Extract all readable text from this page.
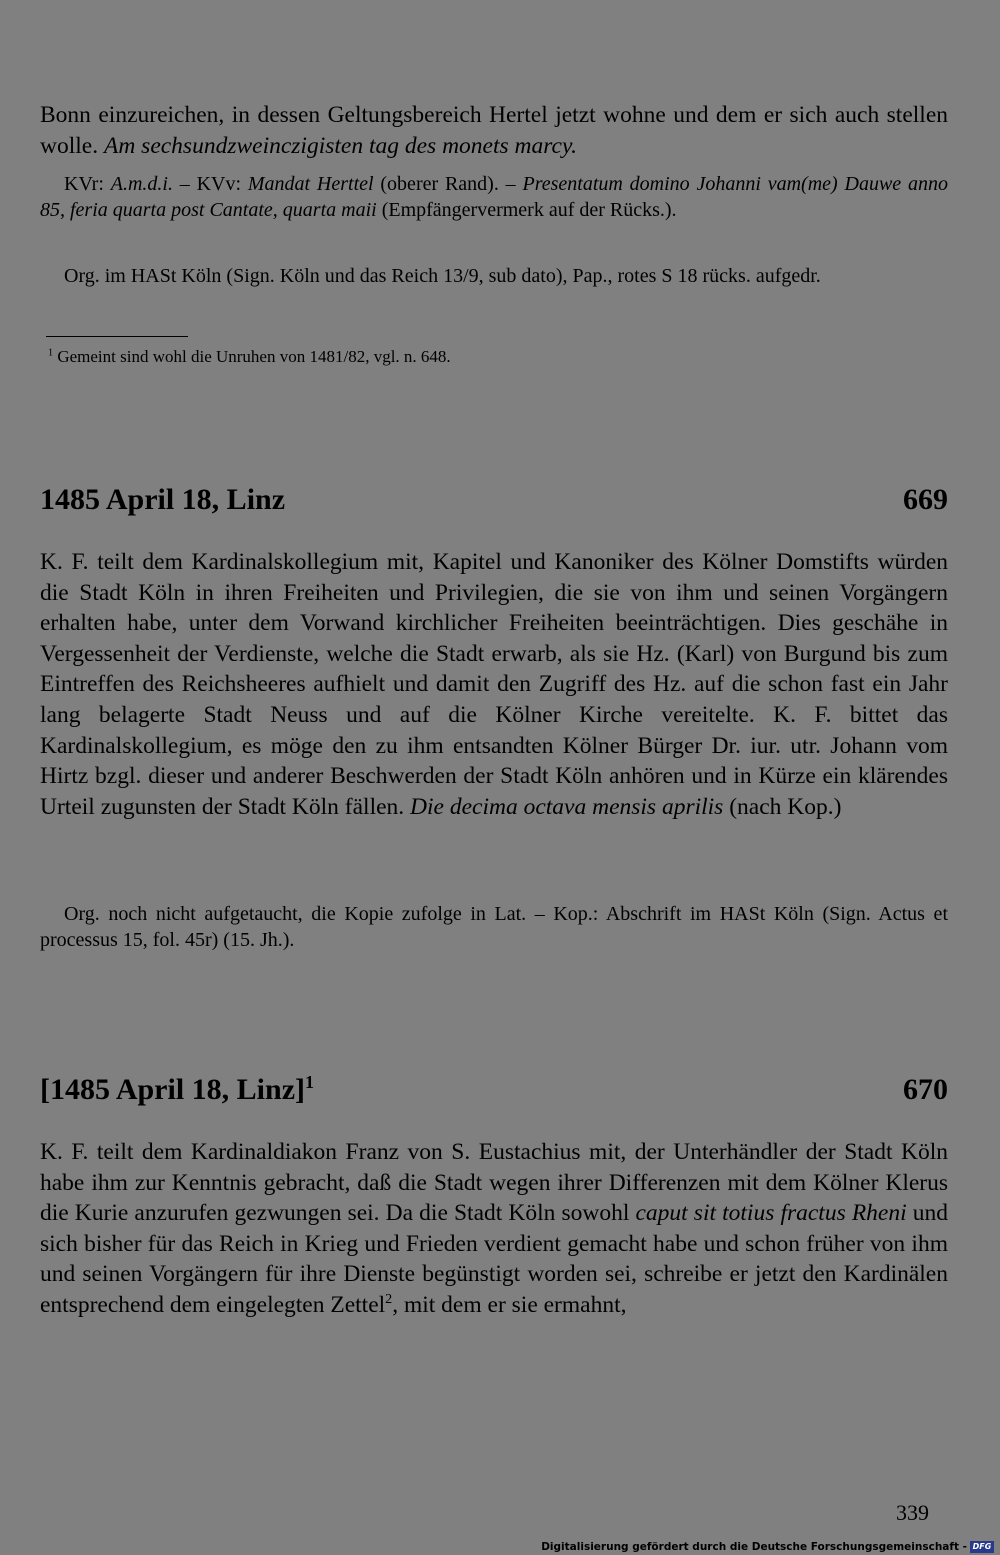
Bonn einzureichen, in dessen Geltungsbereich Hertel jetzt wohne und dem er sich auch stellen wolle. Am sechsundzweinczigisten tag des monets marcy.

KVr: A.m.d.i. – KVv: Mandat Herttel (oberer Rand). – Presentatum domino Johanni vam(me) Dauwe anno 85, feria quarta post Cantate, quarta maii (Empfängervermerk auf der Rücks.).

Org. im HASt Köln (Sign. Köln und das Reich 13/9, sub dato), Pap., rotes S 18 rücks. aufgedr.

$^1$ Gemeint sind wohl die Unruhen von 1481/82, vgl. n. 648.

1485 April 18, Linz	669

K. F. teilt dem Kardinalskollegium mit, Kapitel und Kanoniker des Kölner Domstifts würden die Stadt Köln in ihren Freiheiten und Privilegien, die sie von ihm und seinen Vorgängern erhalten habe, unter dem Vorwand kirchlicher Freiheiten beeinträchtigen. Dies geschähe in Vergessenheit der Verdienste, welche die Stadt erwarb, als sie Hz. (Karl) von Burgund bis zum Eintreffen des Reichsheeres aufhielt und damit den Zugriff des Hz. auf die schon fast ein Jahr lang belagerte Stadt Neuss und auf die Kölner Kirche vereitelte. K. F. bittet das Kardinalskollegium, es möge den zu ihm entsandten Kölner Bürger Dr. iur. utr. Johann vom Hirtz bzgl. dieser und anderer Beschwerden der Stadt Köln anhören und in Kürze ein klärendes Urteil zugunsten der Stadt Köln fällen. Die decima octava mensis aprilis (nach Kop.)

Org. noch nicht aufgetaucht, die Kopie zufolge in Lat. – Kop.: Abschrift im HASt Köln (Sign. Actus et processus 15, fol. 45r) (15. Jh.).

[1485 April 18, Linz]$^1$	670

K. F. teilt dem Kardinaldiakon Franz von S. Eustachius mit, der Unterhändler der Stadt Köln habe ihm zur Kenntnis gebracht, daß die Stadt wegen ihrer Differenzen mit dem Kölner Klerus die Kurie anzurufen gezwungen sei. Da die Stadt Köln sowohl caput sit totius fractus Rheni und sich bisher für das Reich in Krieg und Frieden verdient gemacht habe und schon früher von ihm und seinen Vorgängern für ihre Dienste begünstigt worden sei, schreibe er jetzt den Kardinälen entsprechend dem eingelegten Zettel$^2$, mit dem er sie ermahnt,

339
Digitalisierung gefördert durch die Deutsche Forschungsgemeinschaft - DFG
